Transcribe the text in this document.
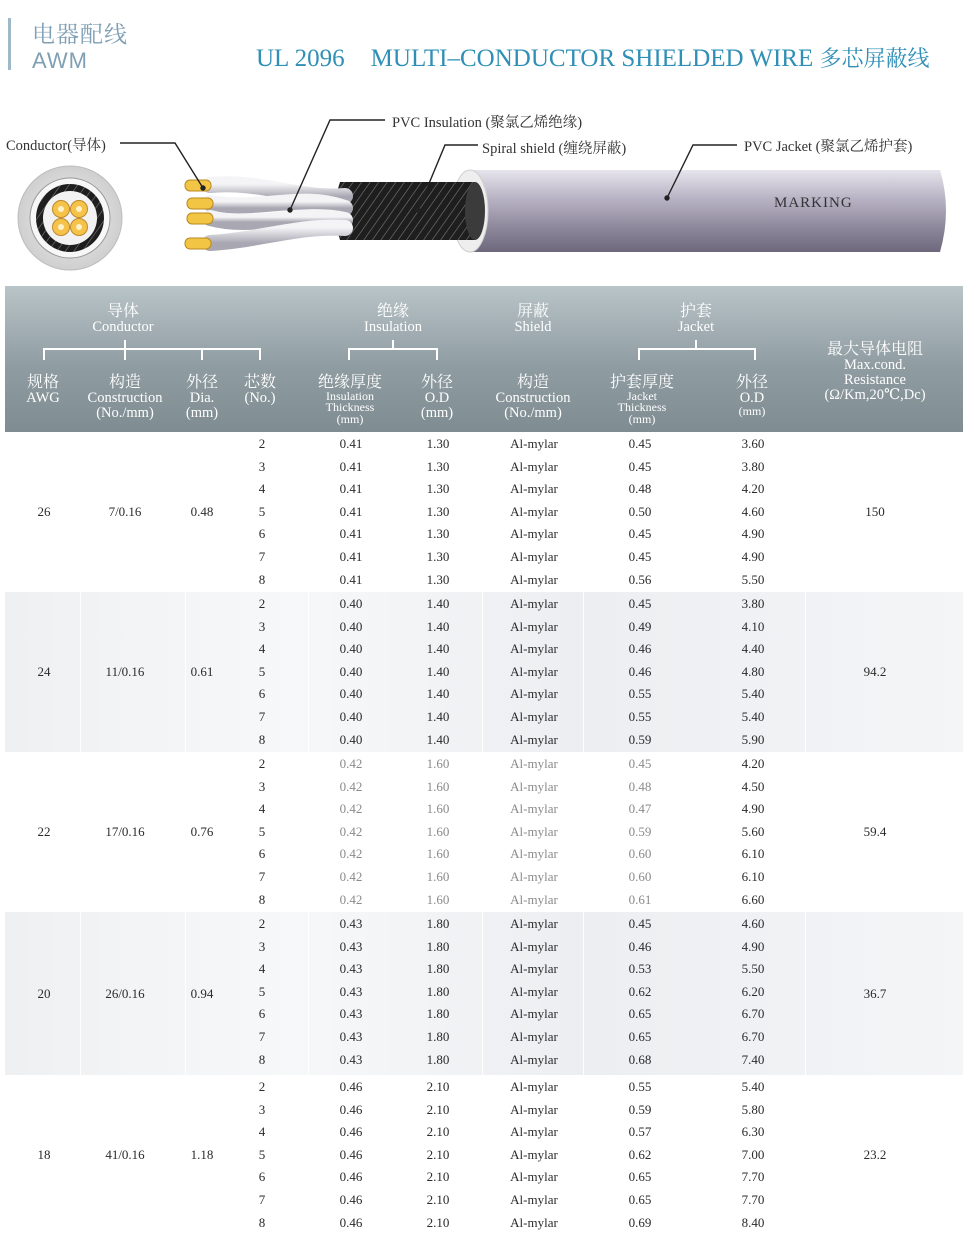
电器配线
AWM	UL 2096 MULTI–CONDUCTOR SHIELDED WIRE 多芯屏蔽线
Conductor(导体)
PVC Insulation (聚氯乙烯绝缘)
Spiral shield (缠绕屏蔽)	PVC Jacket (聚氯乙烯护套)
MARKING
导体
Conductor
绝缘
Insulation
屏蔽
Shield
护套
Jacket
规格
AWG
构造
Construction
(No./mm)
外径
Dia.
(mm)
芯数
(No.)
绝缘厚度
Insulation
Thickness
(mm)
外径
O.D
(mm)
构造
Construction
(No./mm)
护套厚度
Jacket
Thickness
(mm)
外径
O.D
(mm)
最大导体电阻
Max.cond.
Resistance
(Ω/Km,20℃,Dc)
26	7/0.16	0.48	150
2	0.41	1.30	Al-mylar	0.45	3.60
3	0.41	1.30	Al-mylar	0.45	3.80
4	0.41	1.30	Al-mylar	0.48	4.20
5	0.41	1.30	Al-mylar	0.50	4.60
6	0.41	1.30	Al-mylar	0.45	4.90
7	0.41	1.30	Al-mylar	0.45	4.90
8	0.41	1.30	Al-mylar	0.56	5.50
24	11/0.16	0.61	94.2
2	0.40	1.40	Al-mylar	0.45	3.80
3	0.40	1.40	Al-mylar	0.49	4.10
4	0.40	1.40	Al-mylar	0.46	4.40
5	0.40	1.40	Al-mylar	0.46	4.80
6	0.40	1.40	Al-mylar	0.55	5.40
7	0.40	1.40	Al-mylar	0.55	5.40
8	0.40	1.40	Al-mylar	0.59	5.90
22	17/0.16	0.76	59.4
2	0.42	1.60	Al-mylar	0.45	4.20
3	0.42	1.60	Al-mylar	0.48	4.50
4	0.42	1.60	Al-mylar	0.47	4.90
5	0.42	1.60	Al-mylar	0.59	5.60
6	0.42	1.60	Al-mylar	0.60	6.10
7	0.42	1.60	Al-mylar	0.60	6.10
8	0.42	1.60	Al-mylar	0.61	6.60
20	26/0.16	0.94	36.7
2	0.43	1.80	Al-mylar	0.45	4.60
3	0.43	1.80	Al-mylar	0.46	4.90
4	0.43	1.80	Al-mylar	0.53	5.50
5	0.43	1.80	Al-mylar	0.62	6.20
6	0.43	1.80	Al-mylar	0.65	6.70
7	0.43	1.80	Al-mylar	0.65	6.70
8	0.43	1.80	Al-mylar	0.68	7.40
18	41/0.16	1.18	23.2
2	0.46	2.10	Al-mylar	0.55	5.40
3	0.46	2.10	Al-mylar	0.59	5.80
4	0.46	2.10	Al-mylar	0.57	6.30
5	0.46	2.10	Al-mylar	0.62	7.00
6	0.46	2.10	Al-mylar	0.65	7.70
7	0.46	2.10	Al-mylar	0.65	7.70
8	0.46	2.10	Al-mylar	0.69	8.40
